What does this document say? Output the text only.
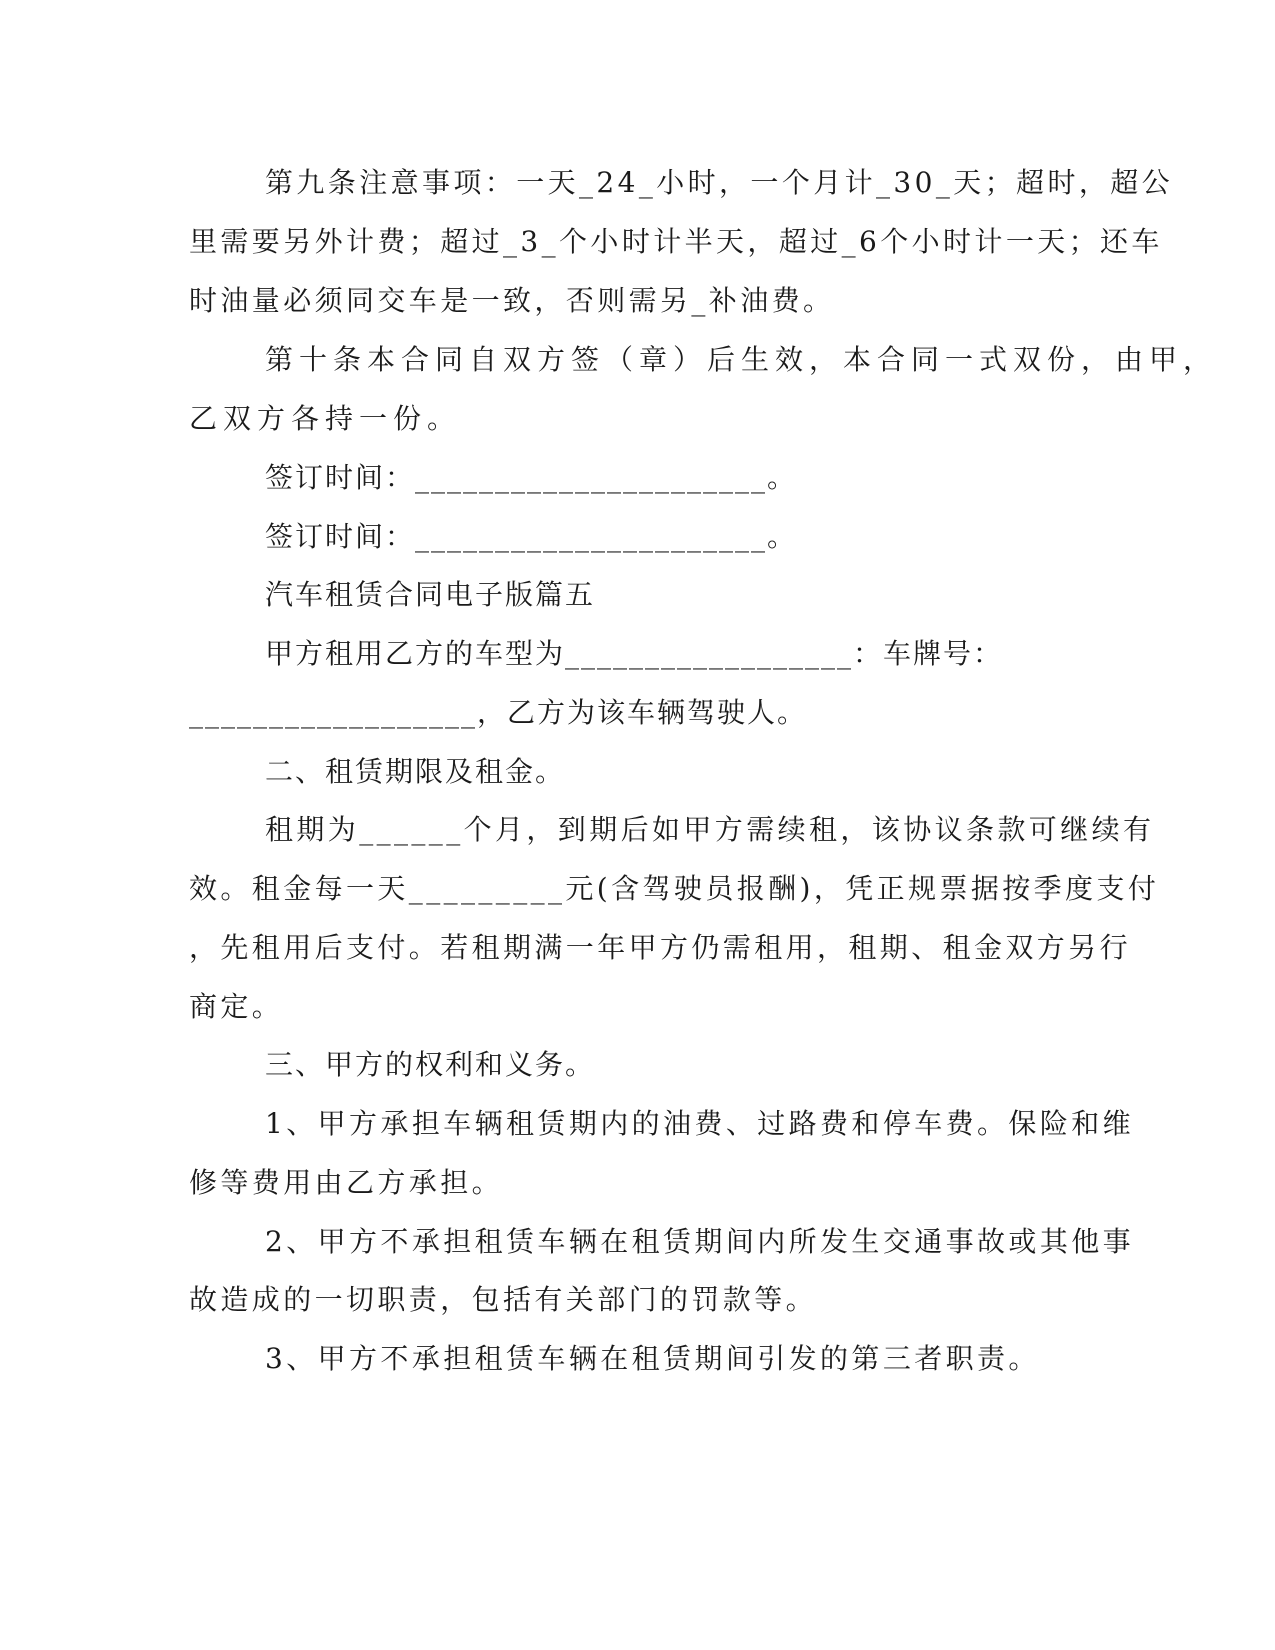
第九条注意事项：一天_24_小时，一个月计_30_天；超时，超公
里需要另外计费；超过_3_个小时计半天，超过_6个小时计一天；还车
时油量必须同交车是一致，否则需另_补油费。
第十条本合同自双方签（章）后生效，本合同一式双份，由甲，
乙双方各持一份。
签订时间：______________________。
签订时间：______________________。
汽车租赁合同电子版篇五
甲方租用乙方的车型为__________________：车牌号：
__________________，乙方为该车辆驾驶人。
二、租赁期限及租金。
租期为______个月，到期后如甲方需续租，该协议条款可继续有
效。租金每一天_________元(含驾驶员报酬)，凭正规票据按季度支付
，先租用后支付。若租期满一年甲方仍需租用，租期、租金双方另行
商定。
三、甲方的权利和义务。
1、甲方承担车辆租赁期内的油费、过路费和停车费。保险和维
修等费用由乙方承担。
2、甲方不承担租赁车辆在租赁期间内所发生交通事故或其他事
故造成的一切职责，包括有关部门的罚款等。
3、甲方不承担租赁车辆在租赁期间引发的第三者职责。
